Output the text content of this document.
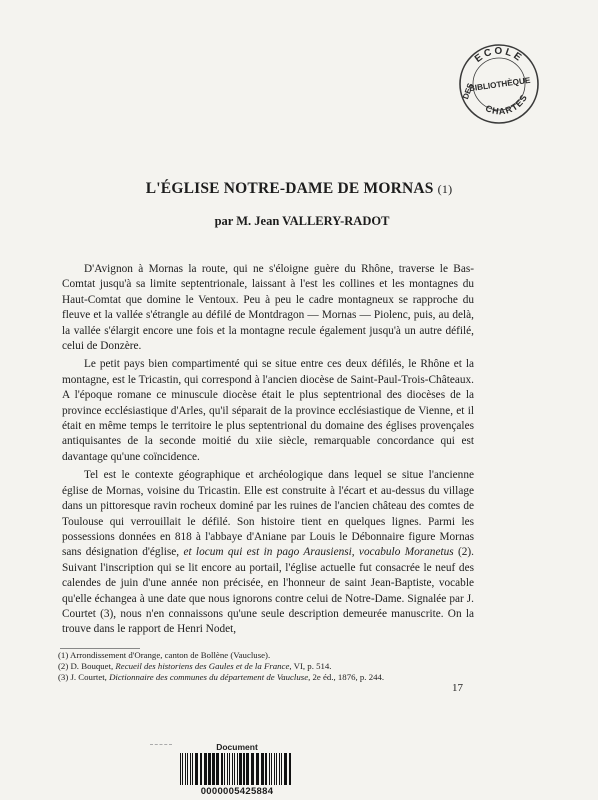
ECOLE
CHARTES
DES
BIBLIOTHÈQUE
L'ÉGLISE NOTRE-DAME DE MORNAS (1)
par M. Jean VALLERY-RADOT

D'Avignon à Mornas la route, qui ne s'éloigne guère du Rhône, traverse le Bas-Comtat jusqu'à sa limite septentrionale, laissant à l'est les collines et les montagnes du Haut-Comtat que domine le Ventoux. Peu à peu le cadre montagneux se rapproche du fleuve et la vallée s'étrangle au défilé de Montdragon — Mornas — Piolenc, puis, au delà, la vallée s'élargit encore une fois et la montagne recule également jusqu'à un autre défilé, celui de Donzère.

Le petit pays bien compartimenté qui se situe entre ces deux défilés, le Rhône et la montagne, est le Tricastin, qui correspond à l'ancien diocèse de Saint-Paul-Trois-Châteaux. A l'époque romane ce minuscule diocèse était le plus septentrional des diocèses de la province ecclésiastique d'Arles, qu'il séparait de la province ecclésiastique de Vienne, et il était en même temps le territoire le plus septentrional du domaine des églises provençales antiquisantes de la seconde moitié du xiie siècle, remarquable concordance qui est davantage qu'une coïncidence.

Tel est le contexte géographique et archéologique dans lequel se situe l'ancienne église de Mornas, voisine du Tricastin. Elle est construite à l'écart et au-dessus du village dans un pittoresque ravin rocheux dominé par les ruines de l'ancien château des comtes de Toulouse qui verrouillait le défilé. Son histoire tient en quelques lignes. Parmi les possessions données en 818 à l'abbaye d'Aniane par Louis le Débonnaire figure Mornas sans désignation d'église, et locum qui est in pago Arausiensi, vocabulo Moranetus (2). Suivant l'inscription qui se lit encore au portail, l'église actuelle fut consacrée le neuf des calendes de juin d'une année non précisée, en l'honneur de saint Jean-Baptiste, vocable qu'elle échangea à une date que nous ignorons contre celui de Notre-Dame. Signalée par J. Courtet (3), nous n'en connaissons qu'une seule description demeurée manuscrite. On la trouve dans le rapport de Henri Nodet,

(1) Arrondissement d'Orange, canton de Bollène (Vaucluse).
(2) D. Bouquet, Recueil des historiens des Gaules et de la France, VI, p. 514.
(3) J. Courtet, Dictionnaire des communes du département de Vaucluse, 2e éd., 1876, p. 244.
17
Document
0000005425884
